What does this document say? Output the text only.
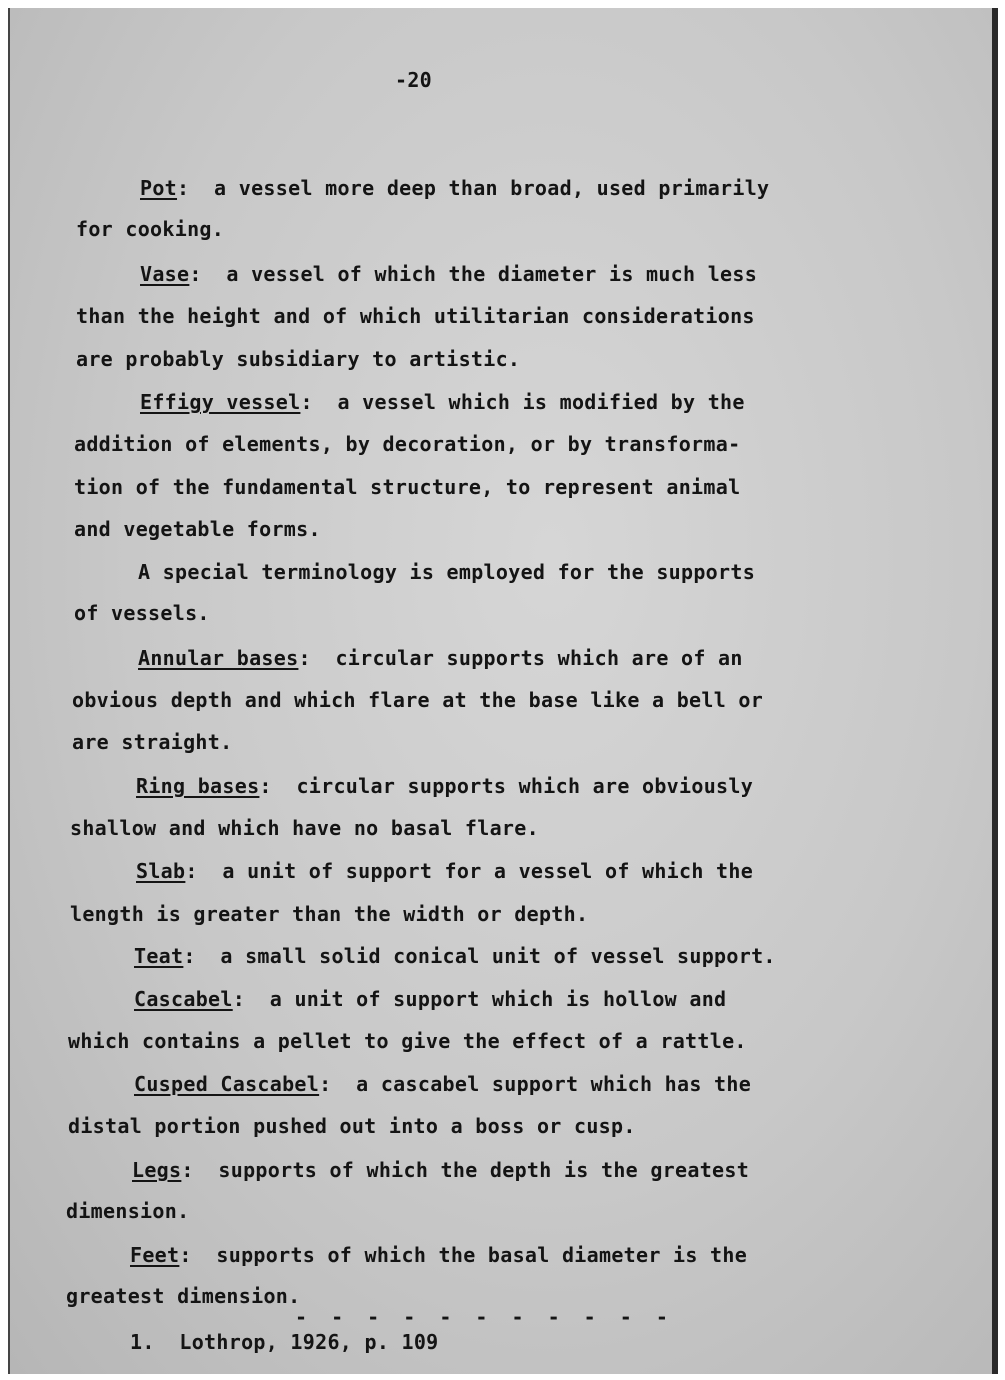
-20
Pot:  a vessel more deep than broad, used primarily
for cooking.
Vase:  a vessel of which the diameter is much less
than the height and of which utilitarian considerations
are probably subsidiary to artistic.
Effigy vessel:  a vessel which is modified by the
addition of elements, by decoration, or by transforma-
tion of the fundamental structure, to represent animal
and vegetable forms.
A special terminology is employed for the supports
of vessels.
Annular bases:  circular supports which are of an
obvious depth and which flare at the base like a bell or
are straight.
Ring bases:  circular supports which are obviously
shallow and which have no basal flare.
Slab:  a unit of support for a vessel of which the
length is greater than the width or depth.
Teat:  a small solid conical unit of vessel support.
Cascabel:  a unit of support which is hollow and
which contains a pellet to give the effect of a rattle.
Cusped Cascabel:  a cascabel support which has the
distal portion pushed out into a boss or cusp.
Legs:  supports of which the depth is the greatest
dimension.
Feet:  supports of which the basal diameter is the
greatest dimension.
- - - - - - - - - - -
1.  Lothrop, 1926, p. 109
